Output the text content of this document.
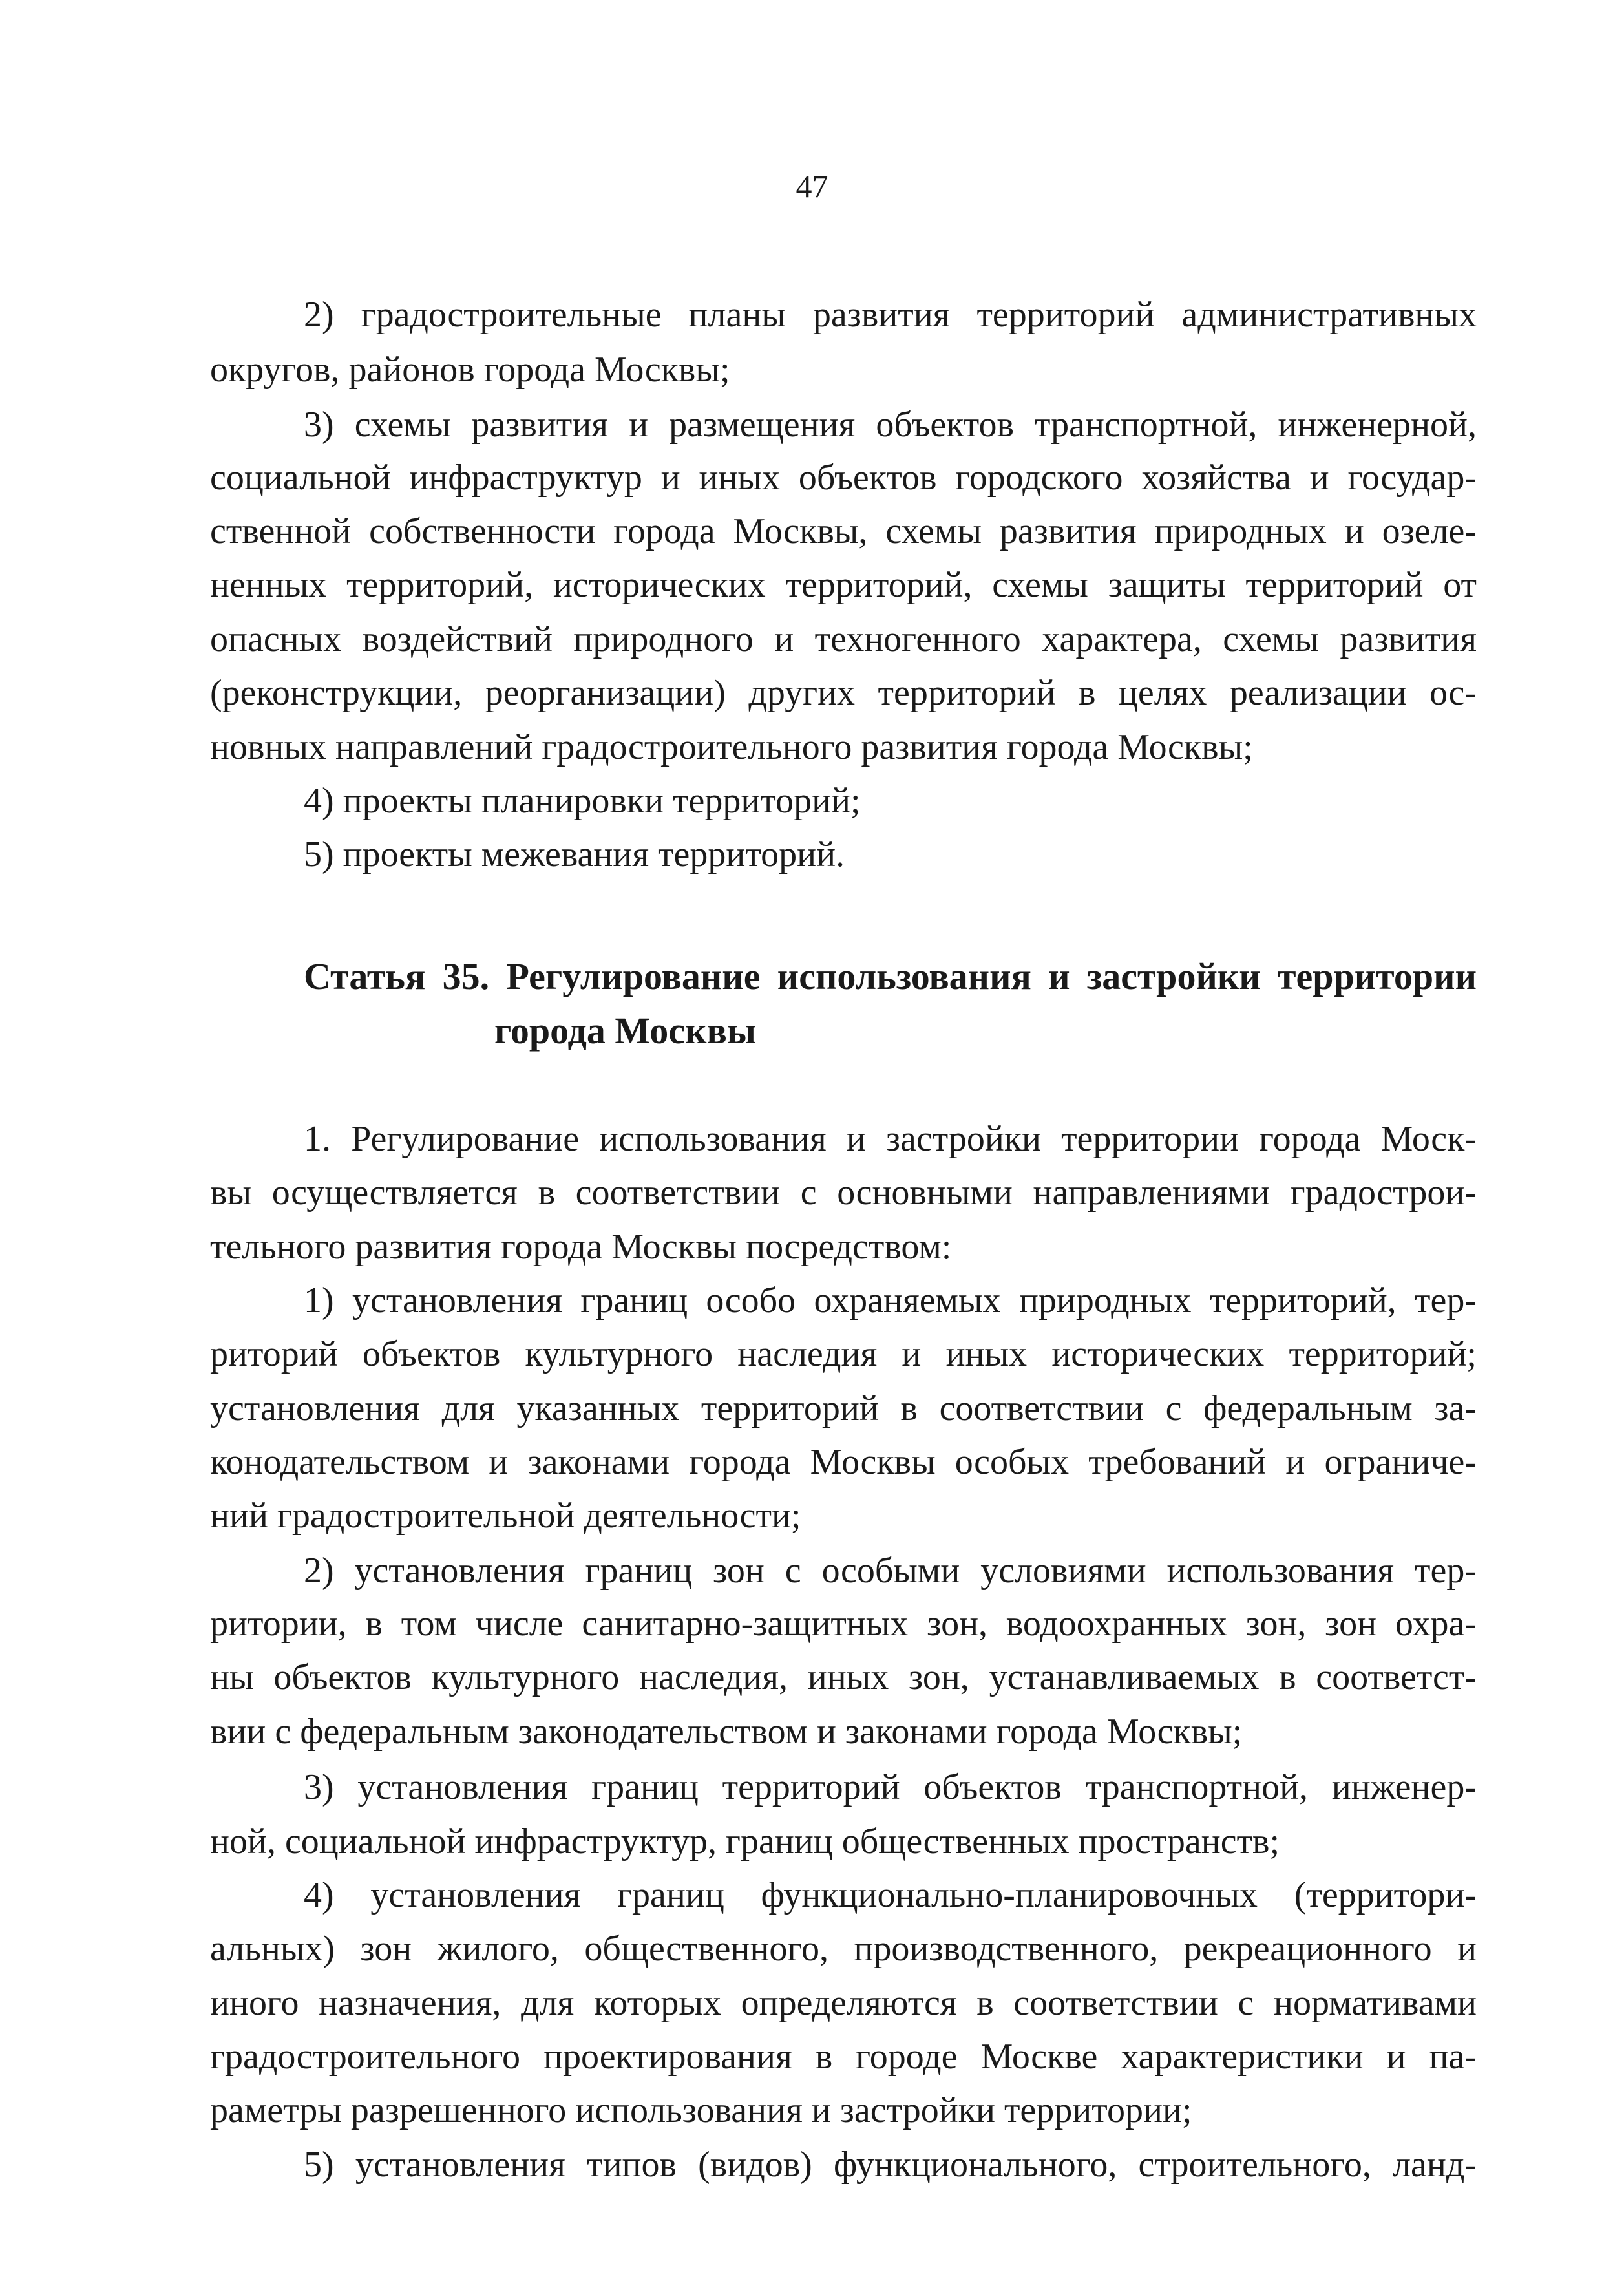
47
2) градостроительные планы развития территорий административных
округов, районов города Москвы;
3) схемы развития и размещения объектов транспортной, инженерной,
социальной инфраструктур и иных объектов городского хозяйства и государ-
ственной собственности города Москвы, схемы развития природных и озеле-
ненных территорий, исторических территорий, схемы защиты территорий от
опасных воздействий природного и техногенного характера, схемы развития
(реконструкции, реорганизации) других территорий в целях реализации ос-
новных направлений градостроительного развития города Москвы;
4) проекты планировки территорий;
5) проекты межевания территорий.
Статья 35. Регулирование использования и застройки территории
города Москвы
1. Регулирование использования и застройки территории города Моск-
вы осуществляется в соответствии с основными направлениями градострои-
тельного развития города Москвы посредством:
1) установления границ особо охраняемых природных территорий, тер-
риторий объектов культурного наследия и иных исторических территорий;
установления для указанных территорий в соответствии с федеральным за-
конодательством и законами города Москвы особых требований и ограниче-
ний градостроительной деятельности;
2) установления границ зон с особыми условиями использования тер-
ритории, в том числе санитарно-защитных зон, водоохранных зон, зон охра-
ны объектов культурного наследия, иных зон, устанавливаемых в соответст-
вии с федеральным законодательством и законами города Москвы;
3) установления границ территорий объектов транспортной, инженер-
ной, социальной инфраструктур, границ общественных пространств;
4) установления границ функционально-планировочных (территори-
альных) зон жилого, общественного, производственного, рекреационного и
иного назначения, для которых определяются в соответствии с нормативами
градостроительного проектирования в городе Москве характеристики и па-
раметры разрешенного использования и застройки территории;
5) установления типов (видов) функционального, строительного, ланд-
